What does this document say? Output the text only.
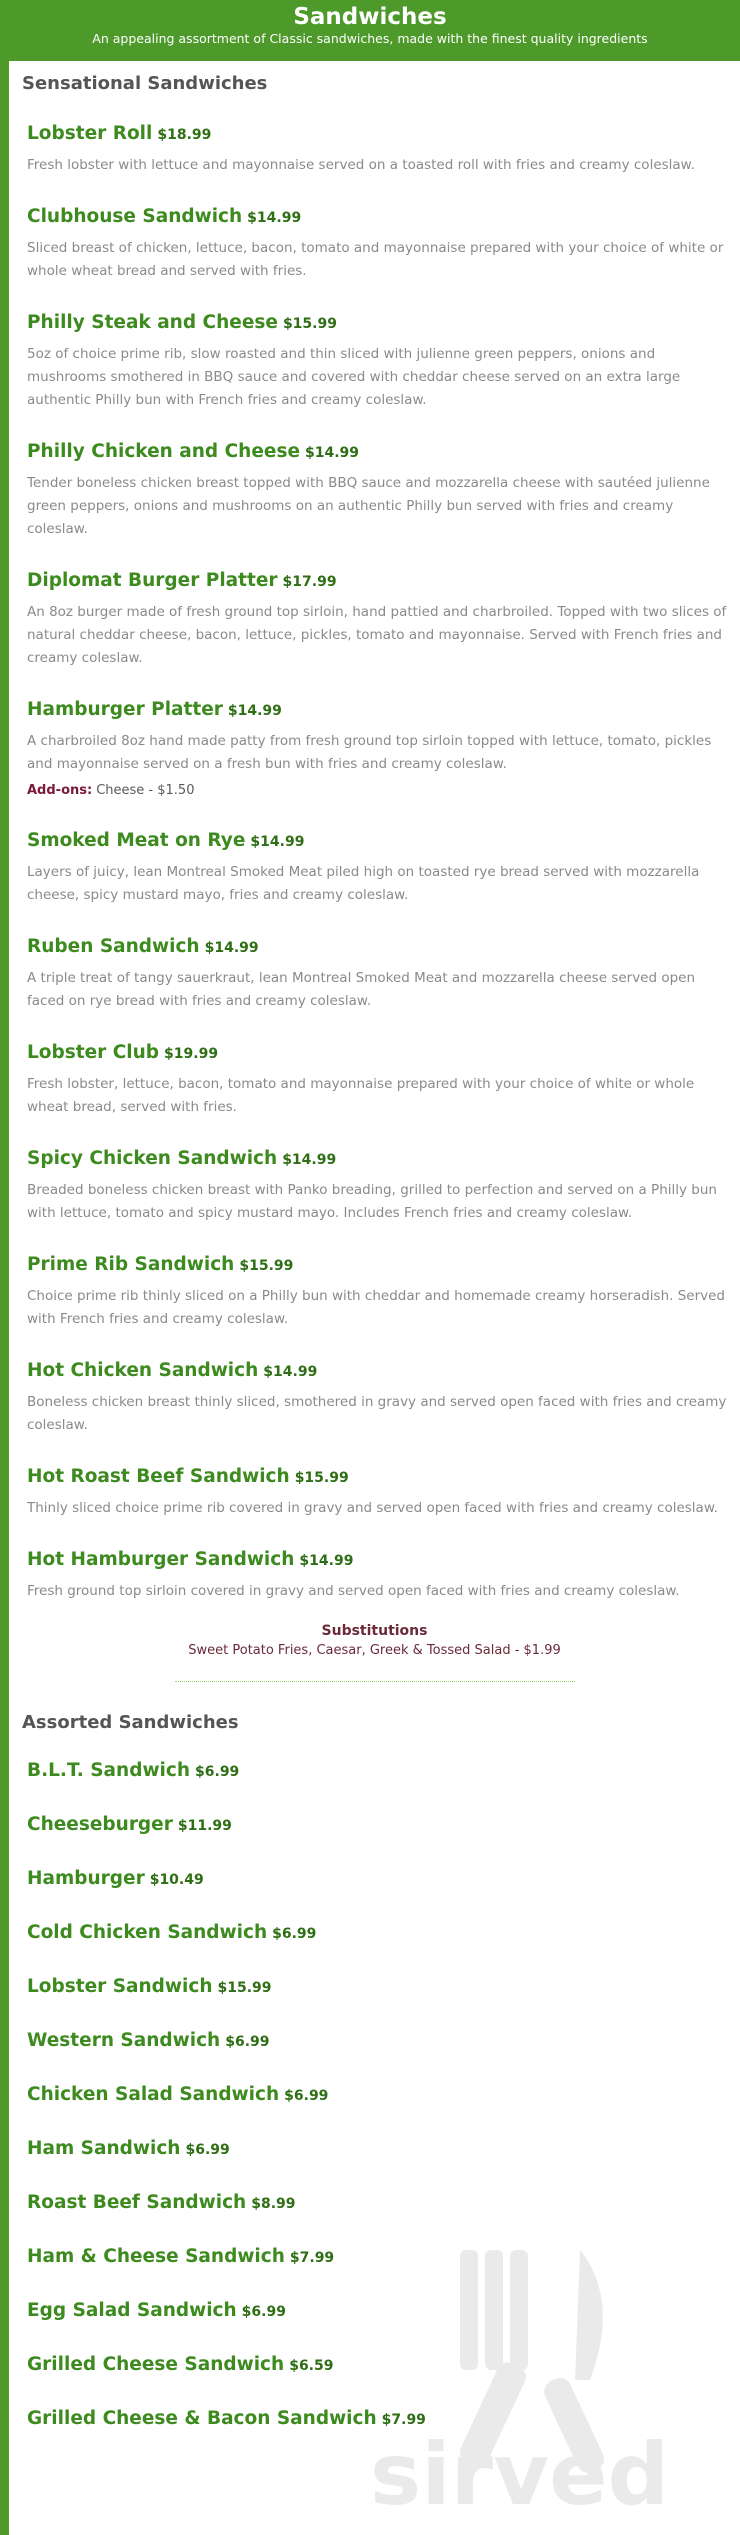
Sandwiches
An appealing assortment of Classic sandwiches, made with the finest quality ingredients
Sensational Sandwiches
Lobster Roll $18.99
Fresh lobster with lettuce and mayonnaise served on a toasted roll with fries and creamy coleslaw.
Clubhouse Sandwich $14.99
Sliced breast of chicken, lettuce, bacon, tomato and mayonnaise prepared with your choice of white or whole wheat bread and served with fries.
Philly Steak and Cheese $15.99
5oz of choice prime rib, slow roasted and thin sliced with julienne green peppers, onions and mushrooms smothered in BBQ sauce and covered with cheddar cheese served on an extra large authentic Philly bun with French fries and creamy coleslaw.
Philly Chicken and Cheese $14.99
Tender boneless chicken breast topped with BBQ sauce and mozzarella cheese with sautéed julienne green peppers, onions and mushrooms on an authentic Philly bun served with fries and creamy coleslaw.
Diplomat Burger Platter $17.99
An 8oz burger made of fresh ground top sirloin, hand pattied and charbroiled. Topped with two slices of natural cheddar cheese, bacon, lettuce, pickles, tomato and mayonnaise. Served with French fries and creamy coleslaw.
Hamburger Platter $14.99
A charbroiled 8oz hand made patty from fresh ground top sirloin topped with lettuce, tomato, pickles and mayonnaise served on a fresh bun with fries and creamy coleslaw.
Add-ons: Cheese - $1.50
Smoked Meat on Rye $14.99
Layers of juicy, lean Montreal Smoked Meat piled high on toasted rye bread served with mozzarella cheese, spicy mustard mayo, fries and creamy coleslaw.
Ruben Sandwich $14.99
A triple treat of tangy sauerkraut, lean Montreal Smoked Meat and mozzarella cheese served open faced on rye bread with fries and creamy coleslaw.
Lobster Club $19.99
Fresh lobster, lettuce, bacon, tomato and mayonnaise prepared with your choice of white or whole wheat bread, served with fries.
Spicy Chicken Sandwich $14.99
Breaded boneless chicken breast with Panko breading, grilled to perfection and served on a Philly bun with lettuce, tomato and spicy mustard mayo. Includes French fries and creamy coleslaw.
Prime Rib Sandwich $15.99
Choice prime rib thinly sliced on a Philly bun with cheddar and homemade creamy horseradish. Served with French fries and creamy coleslaw.
Hot Chicken Sandwich $14.99
Boneless chicken breast thinly sliced, smothered in gravy and served open faced with fries and creamy coleslaw.
Hot Roast Beef Sandwich $15.99
Thinly sliced choice prime rib covered in gravy and served open faced with fries and creamy coleslaw.
Hot Hamburger Sandwich $14.99
Fresh ground top sirloin covered in gravy and served open faced with fries and creamy coleslaw.
Substitutions
Sweet Potato Fries, Caesar, Greek & Tossed Salad - $1.99
Assorted Sandwiches
B.L.T. Sandwich $6.99
Cheeseburger $11.99
Hamburger $10.49
Cold Chicken Sandwich $6.99
Lobster Sandwich $15.99
Western Sandwich $6.99
Chicken Salad Sandwich $6.99
Ham Sandwich $6.99
Roast Beef Sandwich $8.99
Ham & Cheese Sandwich $7.99
Egg Salad Sandwich $6.99
Grilled Cheese Sandwich $6.59
Grilled Cheese & Bacon Sandwich $7.99
sirved
